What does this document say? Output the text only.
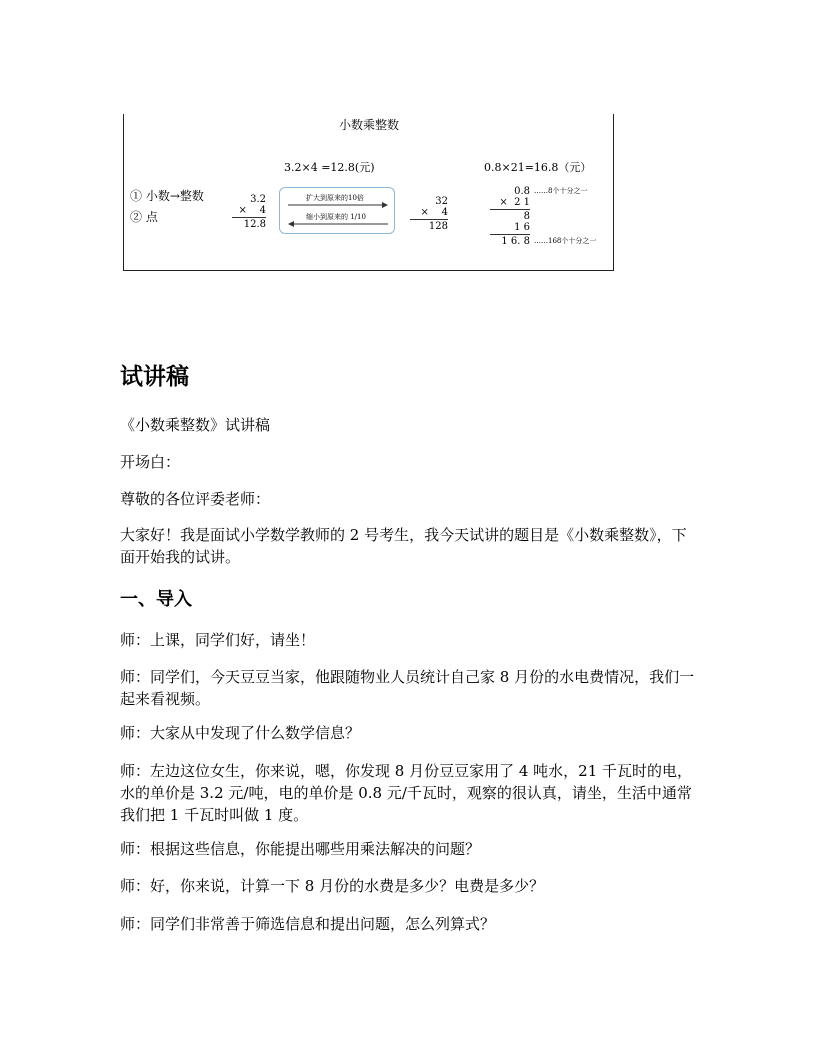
小数乘整数
3.2×4 =12.8(元)	0.8×21=16.8（元）
① 小数→整数
② 点
3.2
×    4
12.8
扩大到原来的10倍
缩小到原来的 1/10
32
×    4
128
0.8 ……8个十分之一
×  2 1
8
1 6
1 6. 8 ……168个十分之一
试讲稿

《小数乘整数》试讲稿

开场白：

尊敬的各位评委老师：

大家好！我是面试小学数学教师的 2 号考生，我今天试讲的题目是《小数乘整数》，下面开始我的试讲。

一、导入

师：上课，同学们好，请坐！

师：同学们，今天豆豆当家，他跟随物业人员统计自己家 8 月份的水电费情况，我们一起来看视频。

师：大家从中发现了什么数学信息？

师：左边这位女生，你来说，嗯，你发现 8 月份豆豆家用了 4 吨水，21 千瓦时的电，水的单价是 3.2 元/吨，电的单价是 0.8 元/千瓦时，观察的很认真，请坐，生活中通常我们把 1 千瓦时叫做 1 度。

师：根据这些信息，你能提出哪些用乘法解决的问题？

师：好，你来说，计算一下 8 月份的水费是多少？电费是多少？

师：同学们非常善于筛选信息和提出问题，怎么列算式？
